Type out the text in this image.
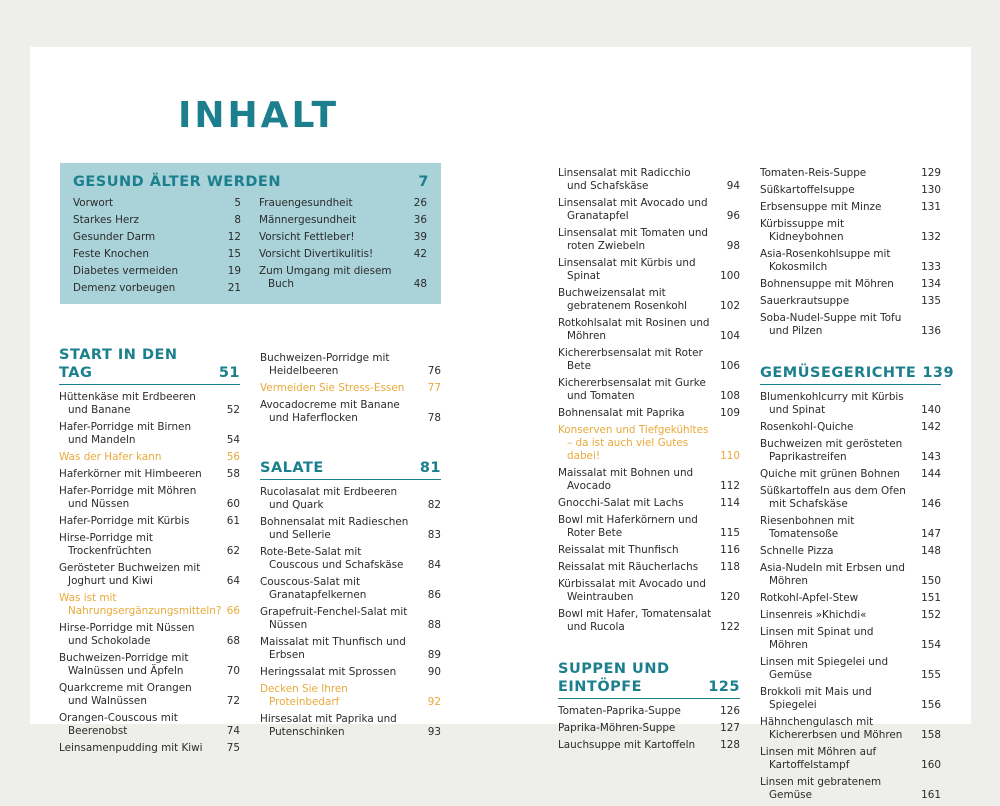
INHALT
GESUND ÄLTER WERDEN	7
Vorwort	5
Starkes Herz	8
Gesunder Darm	12
Feste Knochen	15
Diabetes vermeiden	19
Demenz vorbeugen	21
Frauengesundheit	26
Männergesundheit	36
Vorsicht Fettleber!	39
Vorsicht Divertikulitis!	42
Zum Umgang mit diesem Buch	48
START IN DEN TAG	51
Hüttenkäse mit Erdbeeren und Banane	52
Hafer-Porridge mit Birnen und Mandeln	54
Was der Hafer kann	56
Haferkörner mit Himbeeren	58
Hafer-Porridge mit Möhren und Nüssen	60
Hafer-Porridge mit Kürbis	61
Hirse-Porridge mit Trockenfrüchten	62
Gerösteter Buchweizen mit Joghurt und Kiwi	64
Was ist mit Nahrungsergänzungsmitteln? 66
Hirse-Porridge mit Nüssen und Schokolade	68
Buchweizen-Porridge mit Walnüssen und Äpfeln	70
Quarkcreme mit Orangen und Walnüssen	72
Orangen-Couscous mit Beerenobst	74
Leinsamenpudding mit Kiwi	75
Buchweizen-Porridge mit Heidelbeeren	76
Vermeiden Sie Stress-Essen	77
Avocadocreme mit Banane und Haferflocken	78
SALATE	81
Rucolasalat mit Erdbeeren und Quark	82
Bohnensalat mit Radieschen und Sellerie	83
Rote-Bete-Salat mit Couscous und Schafskäse	84
Couscous-Salat mit Granatapfelkernen	86
Grapefruit-Fenchel-Salat mit Nüssen	88
Maissalat mit Thunfisch und Erbsen	89
Heringssalat mit Sprossen	90
Decken Sie Ihren Proteinbedarf	92
Hirsesalat mit Paprika und Putenschinken	93
Linsensalat mit Radicchio und Schafskäse	94
Linsensalat mit Avocado und Granatapfel	96
Linsensalat mit Tomaten und roten Zwiebeln	98
Linsensalat mit Kürbis und Spinat	100
Buchweizensalat mit gebratenem Rosenkohl	102
Rotkohlsalat mit Rosinen und Möhren	104
Kichererbsensalat mit Roter Bete	106
Kichererbsensalat mit Gurke und Tomaten	108
Bohnensalat mit Paprika	109
Konserven und Tiefgekühltes – da ist auch viel Gutes dabei!	110
Maissalat mit Bohnen und Avocado	112
Gnocchi-Salat mit Lachs	114
Bowl mit Haferkörnern und Roter Bete	115
Reissalat mit Thunfisch	116
Reissalat mit Räucherlachs	118
Kürbissalat mit Avocado und Weintrauben	120
Bowl mit Hafer, Tomatensalat und Rucola	122
SUPPEN UND
EINTÖPFE	125
Tomaten-Paprika-Suppe	126
Paprika-Möhren-Suppe	127
Lauchsuppe mit Kartoffeln	128
Tomaten-Reis-Suppe	129
Süßkartoffelsuppe	130
Erbsensuppe mit Minze	131
Kürbissuppe mit Kidneybohnen	132
Asia-Rosenkohlsuppe mit Kokosmilch	133
Bohnensuppe mit Möhren	134
Sauerkrautsuppe	135
Soba-Nudel-Suppe mit Tofu und Pilzen	136
GEMÜSEGERICHTE 139
Blumenkohlcurry mit Kürbis und Spinat	140
Rosenkohl-Quiche	142
Buchweizen mit gerösteten Paprikastreifen	143
Quiche mit grünen Bohnen	144
Süßkartoffeln aus dem Ofen mit Schafskäse	146
Riesenbohnen mit Tomatensoße	147
Schnelle Pizza	148
Asia-Nudeln mit Erbsen und Möhren	150
Rotkohl-Apfel-Stew	151
Linsenreis »Khichdi«	152
Linsen mit Spinat und Möhren	154
Linsen mit Spiegelei und Gemüse	155
Brokkoli mit Mais und Spiegelei	156
Hähnchengulasch mit Kichererbsen und Möhren	158
Linsen mit Möhren auf Kartoffelstampf	160
Linsen mit gebratenem Gemüse	161
